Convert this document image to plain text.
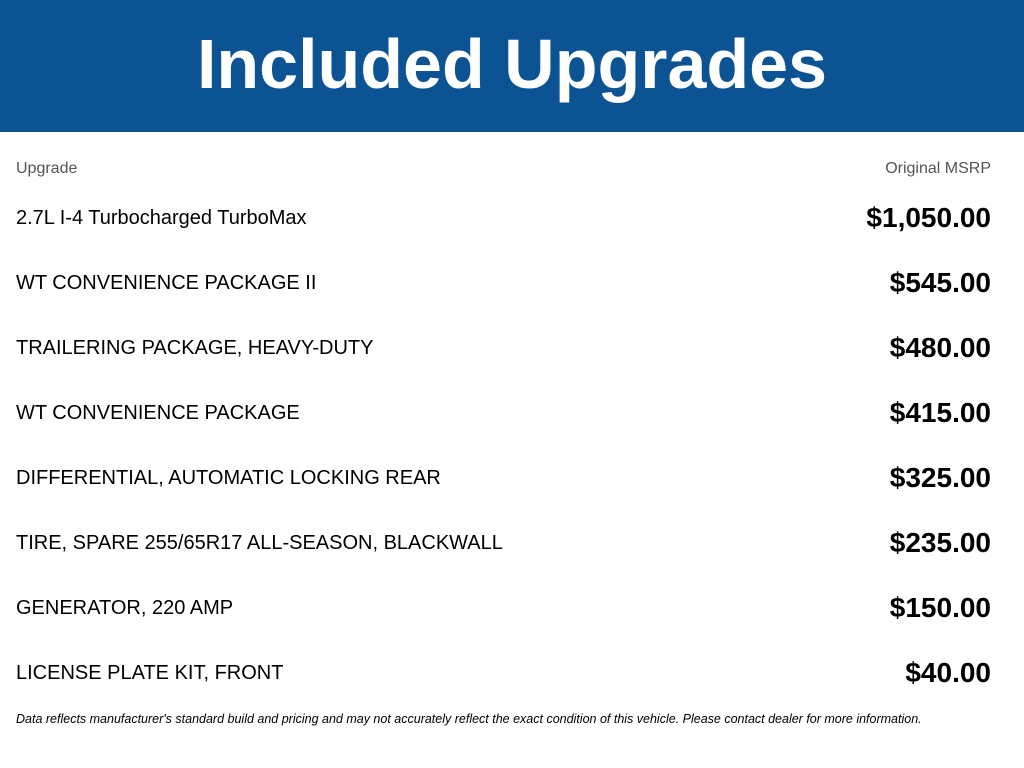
Included Upgrades
Upgrade	Original MSRP
2.7L I-4 Turbocharged TurboMax	$1,050.00
WT CONVENIENCE PACKAGE II	$545.00
TRAILERING PACKAGE, HEAVY-DUTY	$480.00
WT CONVENIENCE PACKAGE	$415.00
DIFFERENTIAL, AUTOMATIC LOCKING REAR	$325.00
TIRE, SPARE 255/65R17 ALL-SEASON, BLACKWALL	$235.00
GENERATOR, 220 AMP	$150.00
LICENSE PLATE KIT, FRONT	$40.00
Data reflects manufacturer's standard build and pricing and may not accurately reflect the exact condition of this vehicle. Please contact dealer for more information.
